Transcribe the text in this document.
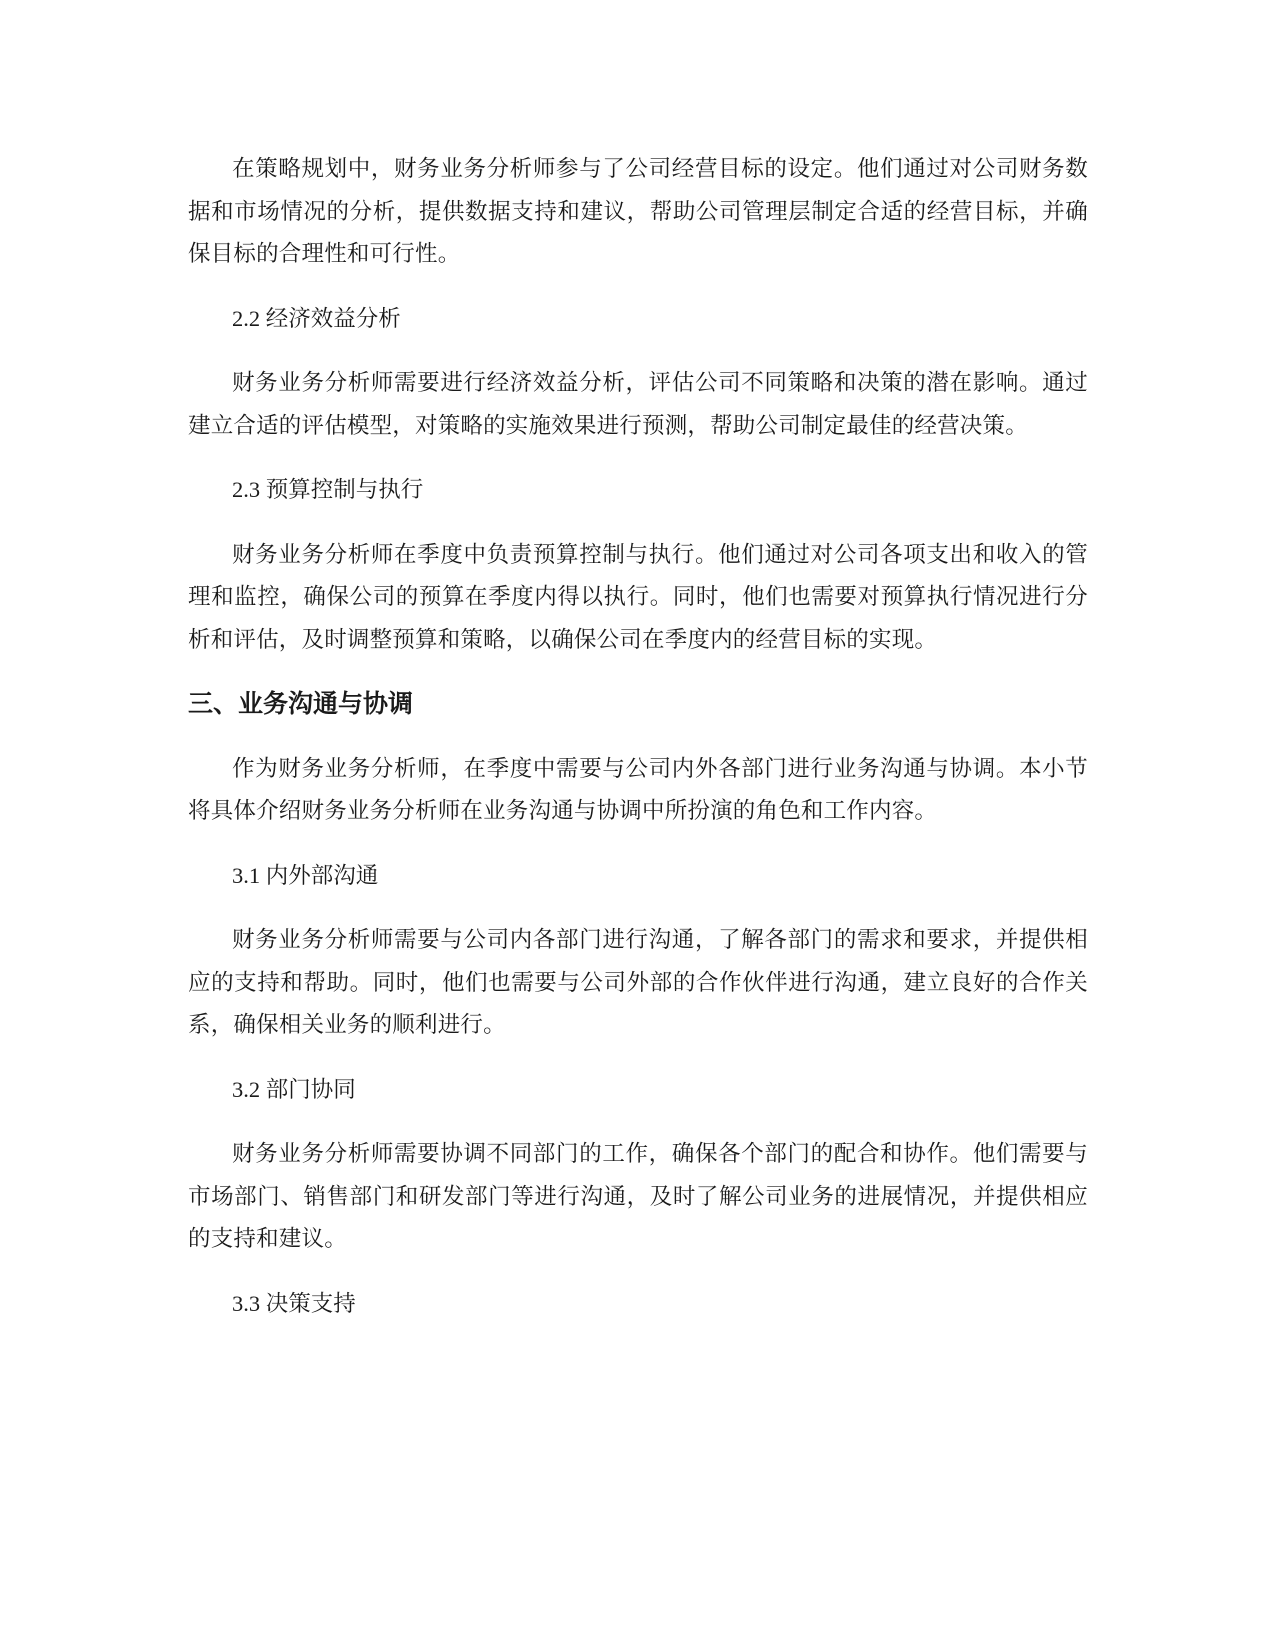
在策略规划中，财务业务分析师参与了公司经营目标的设定。他们通过对公司财务数据和市场情况的分析，提供数据支持和建议，帮助公司管理层制定合适的经营目标，并确保目标的合理性和可行性。

2.2 经济效益分析

财务业务分析师需要进行经济效益分析，评估公司不同策略和决策的潜在影响。通过建立合适的评估模型，对策略的实施效果进行预测，帮助公司制定最佳的经营决策。

2.3 预算控制与执行

财务业务分析师在季度中负责预算控制与执行。他们通过对公司各项支出和收入的管理和监控，确保公司的预算在季度内得以执行。同时，他们也需要对预算执行情况进行分析和评估，及时调整预算和策略，以确保公司在季度内的经营目标的实现。

三、业务沟通与协调

作为财务业务分析师，在季度中需要与公司内外各部门进行业务沟通与协调。本小节将具体介绍财务业务分析师在业务沟通与协调中所扮演的角色和工作内容。

3.1 内外部沟通

财务业务分析师需要与公司内各部门进行沟通，了解各部门的需求和要求，并提供相应的支持和帮助。同时，他们也需要与公司外部的合作伙伴进行沟通，建立良好的合作关系，确保相关业务的顺利进行。

3.2 部门协同

财务业务分析师需要协调不同部门的工作，确保各个部门的配合和协作。他们需要与市场部门、销售部门和研发部门等进行沟通，及时了解公司业务的进展情况，并提供相应的支持和建议。

3.3 决策支持
